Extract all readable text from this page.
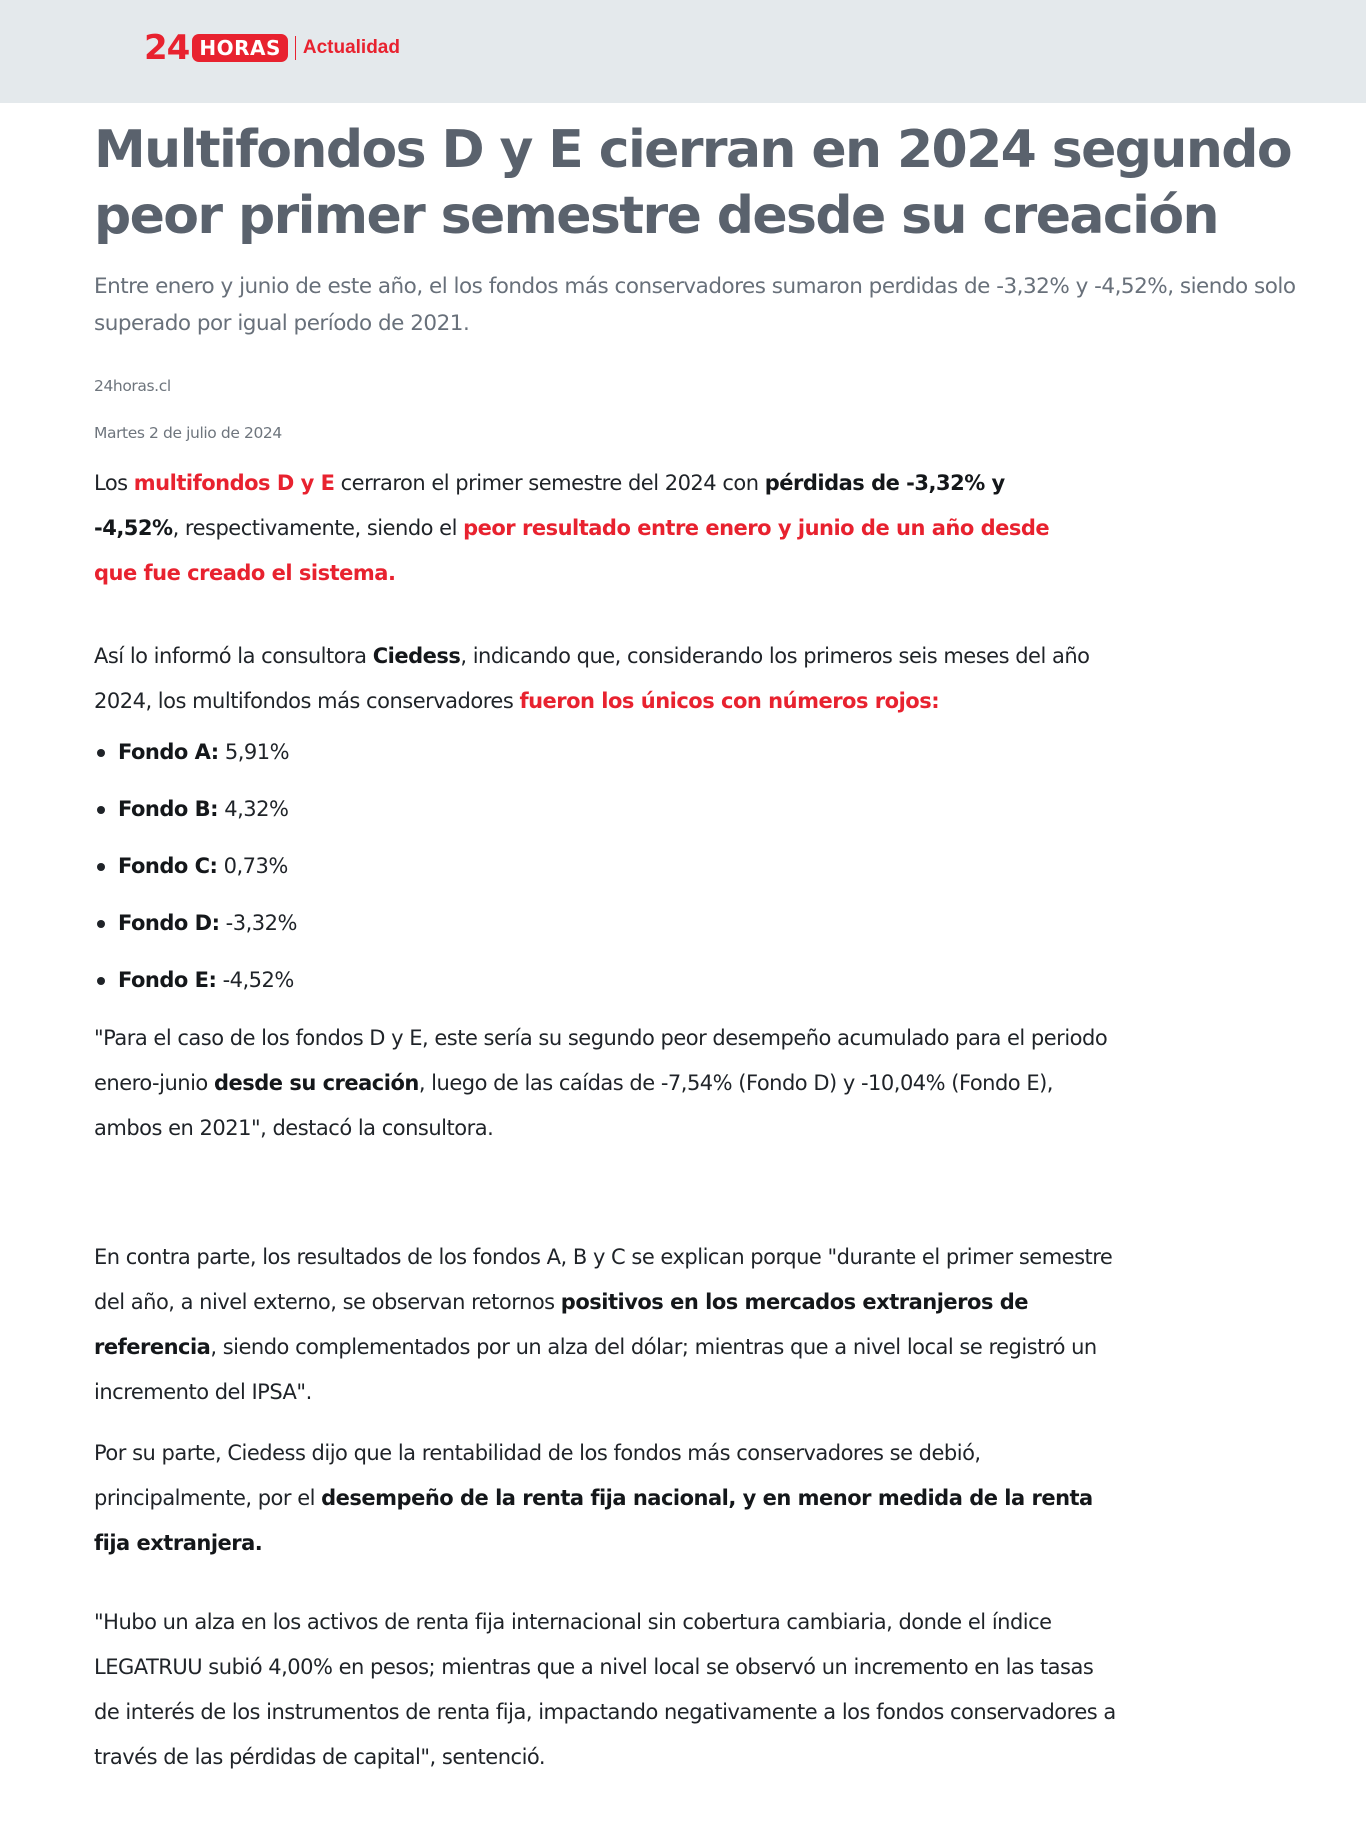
24 HORAS	Actualidad
Multifondos D y E cierran en 2024 segundo peor primer semestre desde su creación

Entre enero y junio de este año, el los fondos más conservadores sumaron perdidas de -3,32% y -4,52%, siendo solo superado por igual período de 2021.

24horas.cl
Martes 2 de julio de 2024

Los multifondos D y E cerraron el primer semestre del 2024 con pérdidas de -3,32% y -4,52%, respectivamente, siendo el peor resultado entre enero y junio de un año desde que fue creado el sistema.

Así lo informó la consultora Ciedess, indicando que, considerando los primeros seis meses del año 2024, los multifondos más conservadores fueron los únicos con números rojos:

Fondo A: 5,91%
Fondo B: 4,32%
Fondo C: 0,73%
Fondo D: -3,32%
Fondo E: -4,52%

"Para el caso de los fondos D y E, este sería su segundo peor desempeño acumulado para el periodo enero-junio desde su creación, luego de las caídas de -7,54% (Fondo D) y -10,04% (Fondo E), ambos en 2021", destacó la consultora.

En contra parte, los resultados de los fondos A, B y C se explican porque "durante el primer semestre del año, a nivel externo, se observan retornos positivos en los mercados extranjeros de referencia, siendo complementados por un alza del dólar; mientras que a nivel local se registró un incremento del IPSA".

Por su parte, Ciedess dijo que la rentabilidad de los fondos más conservadores se debió, principalmente, por el desempeño de la renta fija nacional, y en menor medida de la renta fija extranjera.

"Hubo un alza en los activos de renta fija internacional sin cobertura cambiaria, donde el índice LEGATRUU subió 4,00% en pesos; mientras que a nivel local se observó un incremento en las tasas de interés de los instrumentos de renta fija, impactando negativamente a los fondos conservadores a través de las pérdidas de capital", sentenció.
